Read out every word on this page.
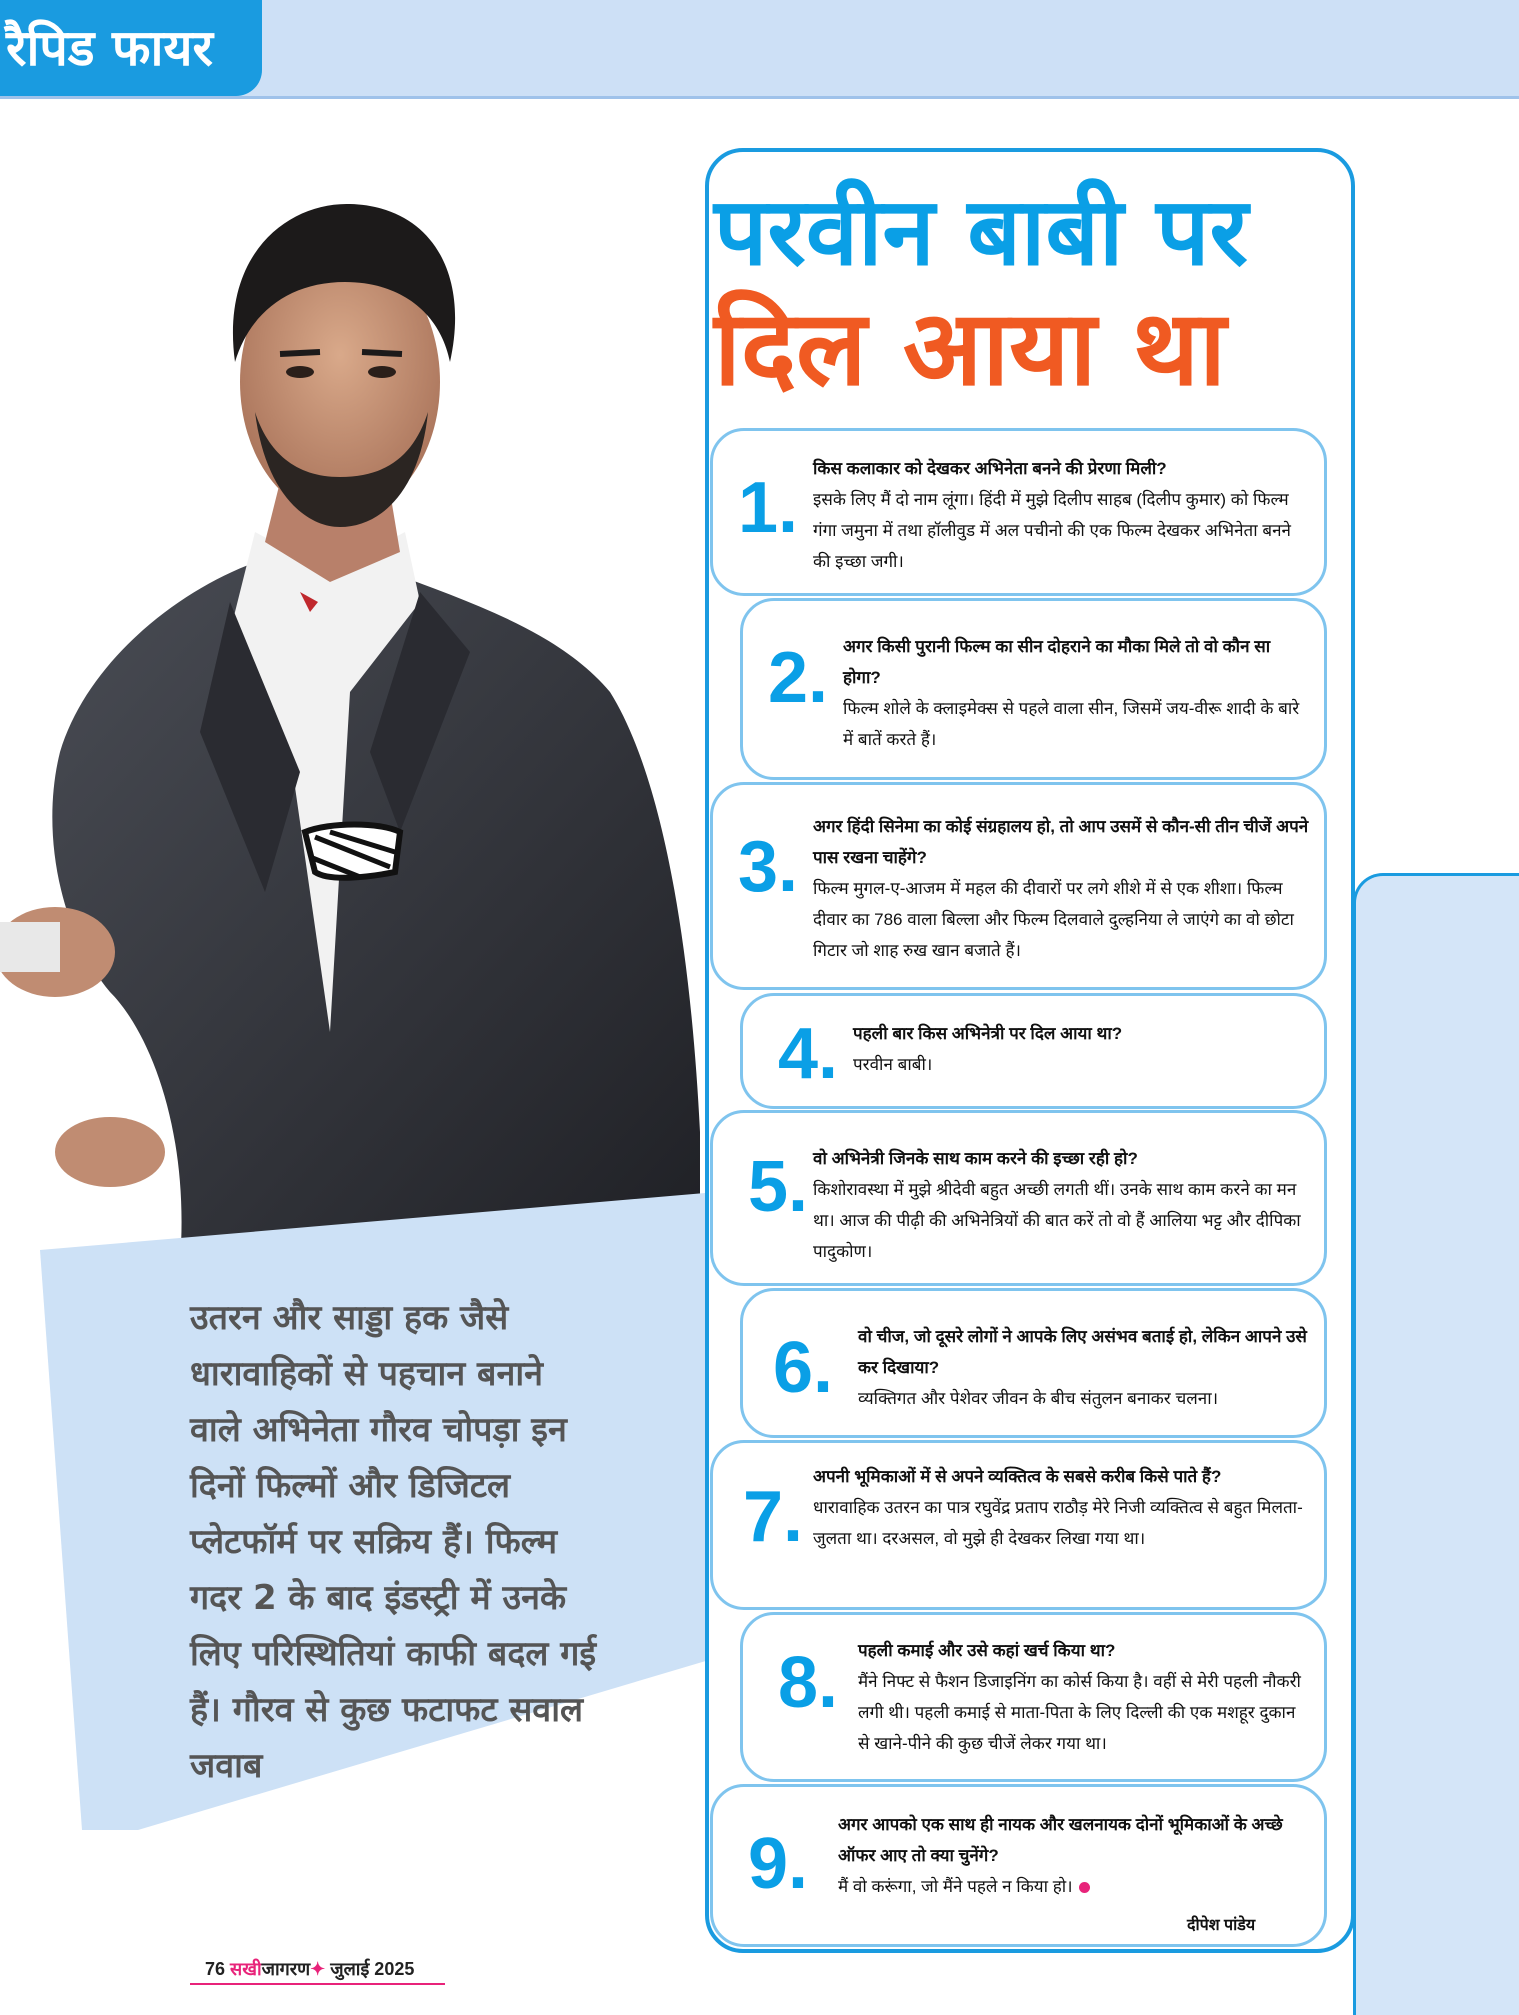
रैपिड फायर
उतरन और साड्डा हक जैसे धारावाहिकों से पहचान बनाने वाले अभिनेता गौरव चोपड़ा इन दिनों फिल्मों और डिजिटल प्लेटफॉर्म पर सक्रिय हैं। फिल्म गदर 2 के बाद इंडस्ट्री में उनके लिए परिस्थितियां काफी बदल गई हैं। गौरव से कुछ फटाफट सवाल जवाब
परवीन बाबी पर
दिल आया था
1. किस कलाकार को देखकर अभिनेता बनने की प्रेरणा मिली?
इसके लिए मैं दो नाम लूंगा। हिंदी में मुझे दिलीप साहब (दिलीप कुमार) को फिल्म गंगा जमुना में तथा हॉलीवुड में अल पचीनो की एक फिल्म देखकर अभिनेता बनने की इच्छा जगी।
2. अगर किसी पुरानी फिल्म का सीन दोहराने का मौका मिले तो वो कौन सा होगा?
फिल्म शोले के क्लाइमेक्स से पहले वाला सीन, जिसमें जय-वीरू शादी के बारे में बातें करते हैं।
3.
अगर हिंदी सिनेमा का कोई संग्रहालय हो, तो आप उसमें से कौन-सी तीन चीजें अपने पास रखना चाहेंगे?
फिल्म मुगल-ए-आजम में महल की दीवारों पर लगे शीशे में से एक शीशा। फिल्म दीवार का 786 वाला बिल्ला और फिल्म दिलवाले दुल्हनिया ले जाएंगे का वो छोटा गिटार जो शाह रुख खान बजाते हैं।
4. पहली बार किस अभिनेत्री पर दिल आया था?
परवीन बाबी।
5. वो अभिनेत्री जिनके साथ काम करने की इच्छा रही हो?
किशोरावस्था में मुझे श्रीदेवी बहुत अच्छी लगती थीं। उनके साथ काम करने का मन था। आज की पीढ़ी की अभिनेत्रियों की बात करें तो वो हैं आलिया भट्ट और दीपिका पादुकोण।
6. वो चीज, जो दूसरे लोगों ने आपके लिए असंभव बताई हो, लेकिन आपने उसे कर दिखाया?
व्यक्तिगत और पेशेवर जीवन के बीच संतुलन बनाकर चलना।
7.
अपनी भूमिकाओं में से अपने व्यक्तित्व के सबसे करीब किसे पाते हैं?
धारावाहिक उतरन का पात्र रघुवेंद्र प्रताप राठौड़ मेरे निजी व्यक्तित्व से बहुत मिलता-जुलता था। दरअसल, वो मुझे ही देखकर लिखा गया था।
8. पहली कमाई और उसे कहां खर्च किया था?
मैंने निफ्ट से फैशन डिजाइनिंग का कोर्स किया है। वहीं से मेरी पहली नौकरी लगी थी। पहली कमाई से माता-पिता के लिए दिल्ली की एक मशहूर दुकान से खाने-पीने की कुछ चीजें लेकर गया था।
9. अगर आपको एक साथ ही नायक और खलनायक दोनों भूमिकाओं के अच्छे ऑफर आए तो क्या चुनेंगे?
मैं वो करूंगा, जो मैंने पहले न किया हो।
दीपेश पांडेय
76 सखीजागरण✦ जुलाई 2025
